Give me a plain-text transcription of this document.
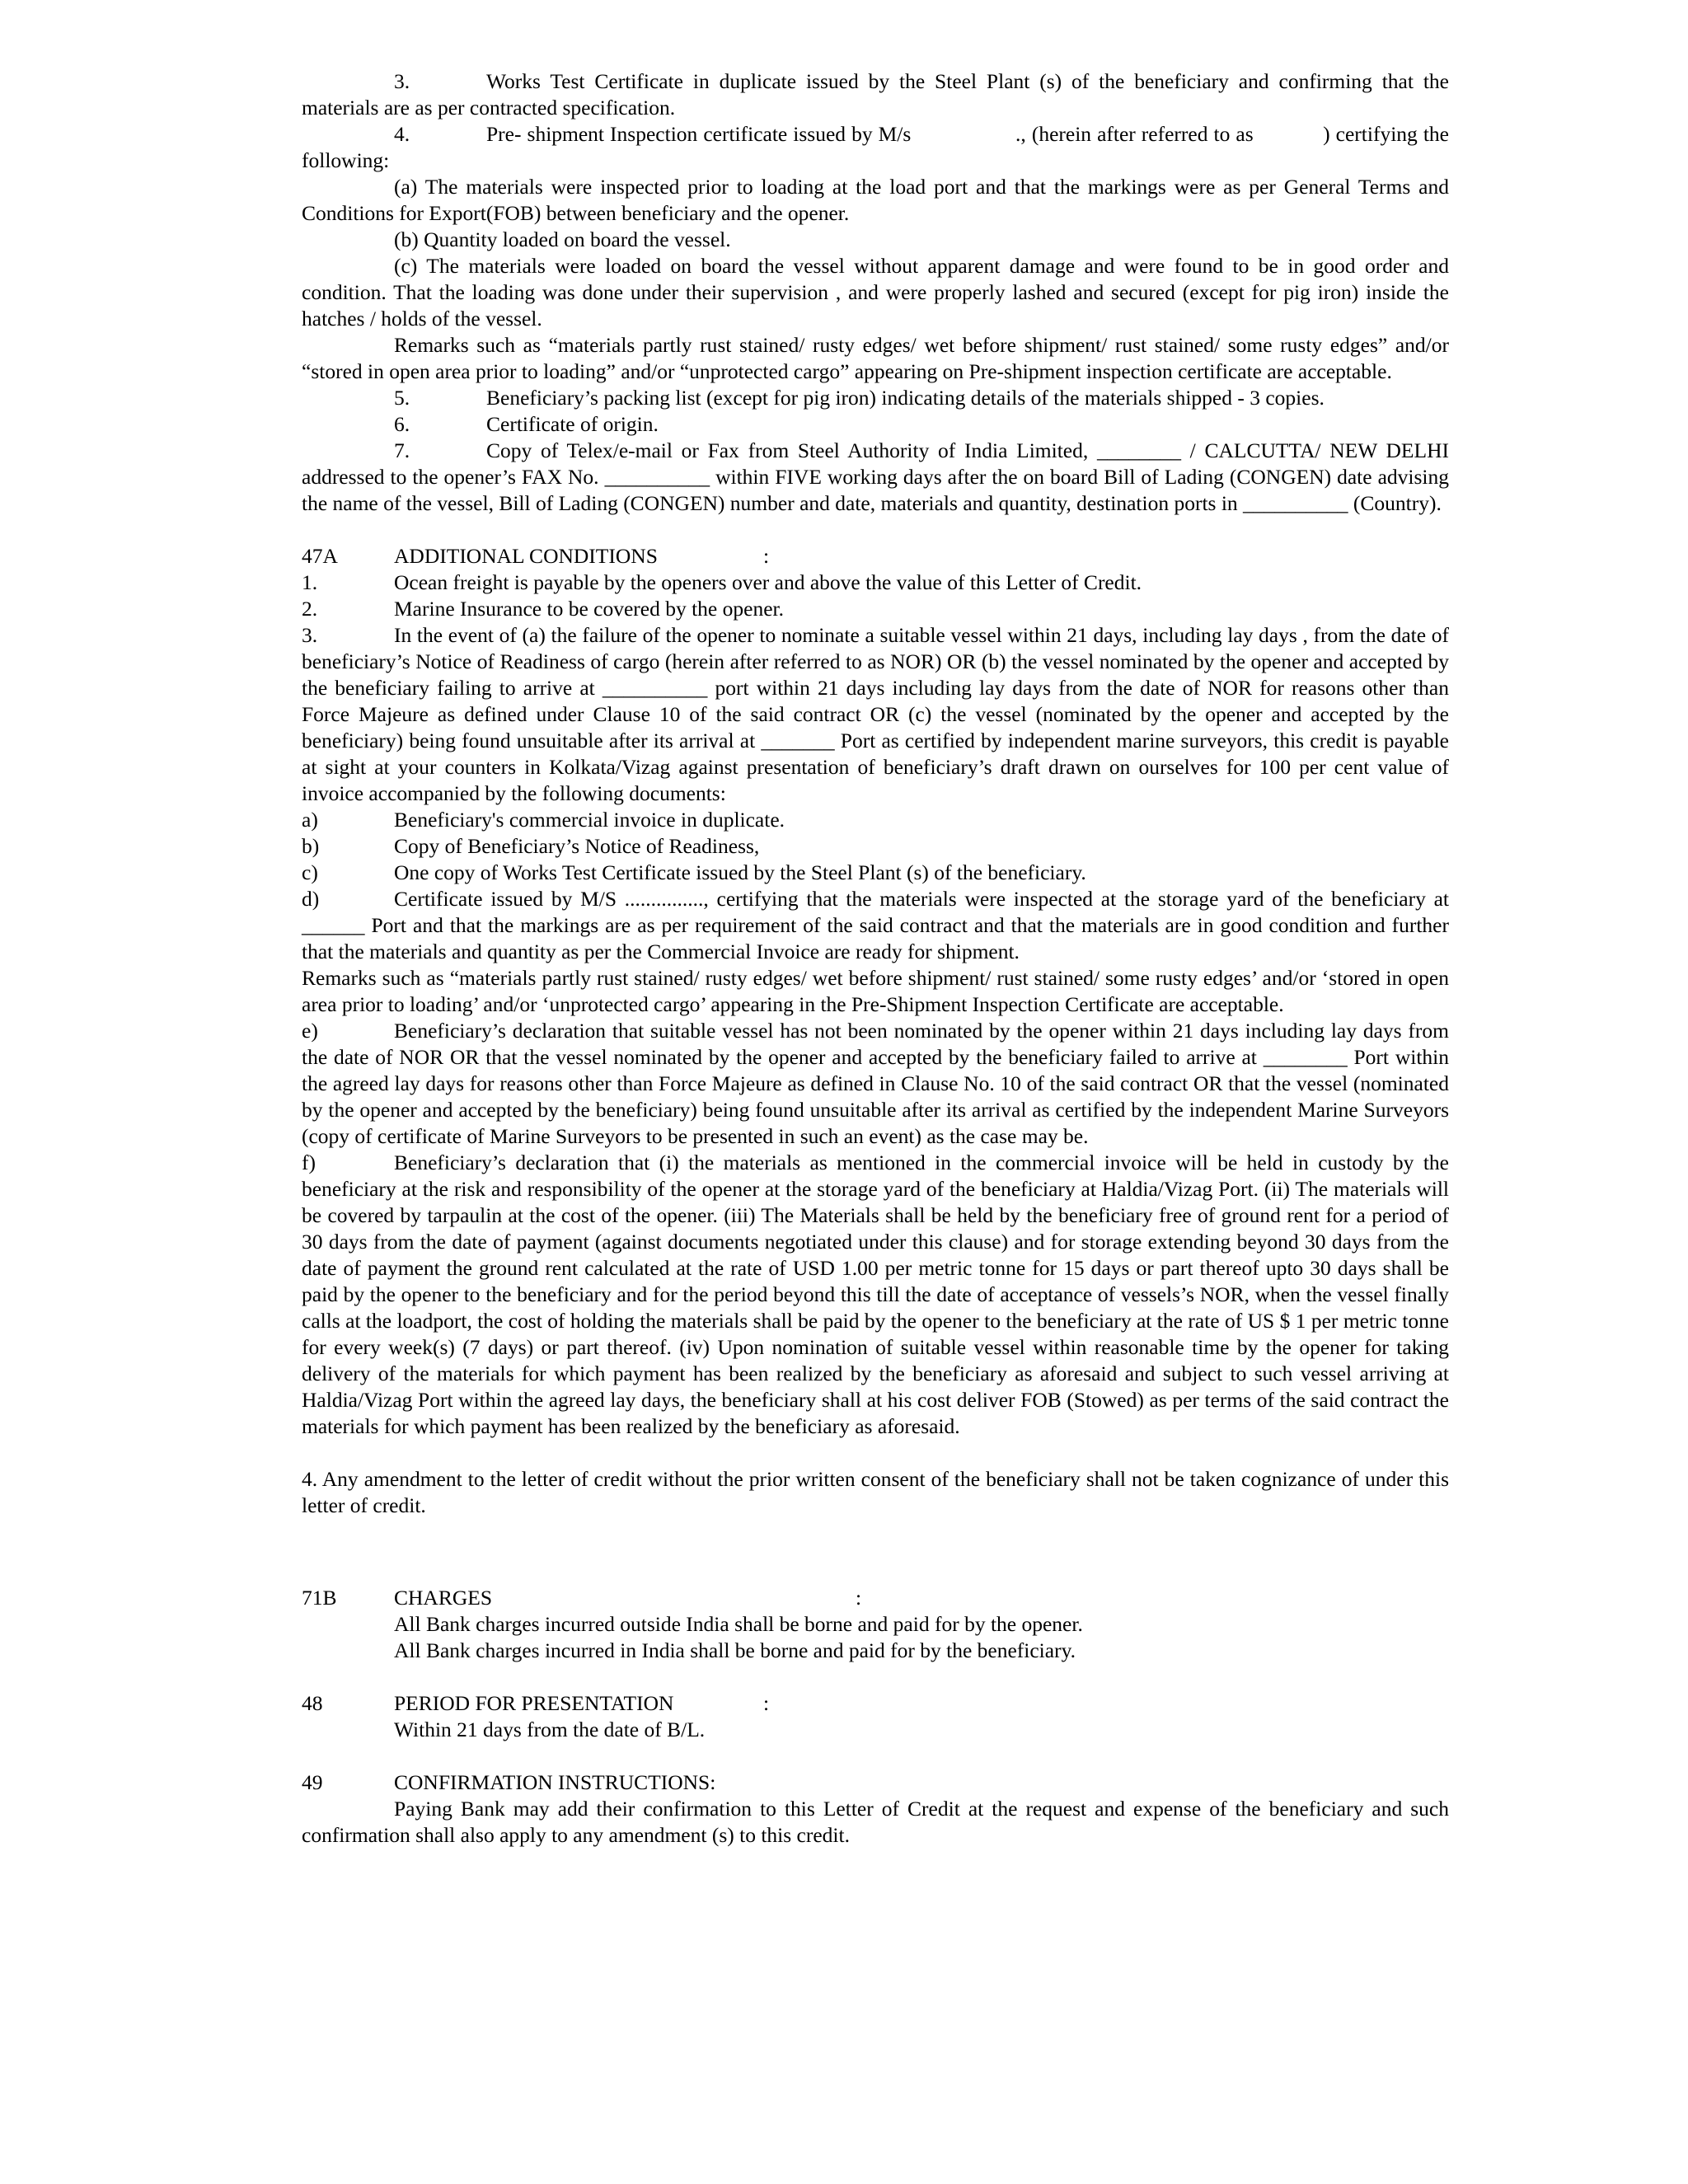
3.	Works Test Certificate in duplicate issued by the Steel Plant (s) of the beneficiary and confirming that the materials are as per contracted specification.

4.	Pre- shipment Inspection certificate issued by M/s                  ., (herein after referred to as            ) certifying the following:

(a) The materials were inspected prior to loading at the load port and that the markings were as per General Terms and Conditions for Export(FOB) between beneficiary and the opener.

(b) Quantity loaded on board the vessel.

(c) The materials were loaded on board the vessel without apparent damage and were found to be in good order and condition. That the loading was done under their supervision , and were properly lashed and secured (except for pig iron) inside the hatches / holds of the vessel.

Remarks such as “materials partly rust stained/ rusty edges/ wet before shipment/ rust stained/ some rusty edges” and/or “stored in open area prior to loading” and/or “unprotected cargo” appearing on Pre-shipment inspection certificate are acceptable.

5.	Beneficiary’s packing list (except for pig iron) indicating details of the materials shipped - 3 copies.

6.	Certificate of origin.

7.	Copy of Telex/e-mail or Fax from Steel Authority of India Limited, ________ / CALCUTTA/ NEW DELHI addressed to the opener’s FAX No. __________ within FIVE working days after the on board Bill of Lading (CONGEN) date advising the name of the vessel, Bill of Lading (CONGEN) number and date, materials and quantity, destination ports in __________ (Country).

47A	ADDITIONAL CONDITIONS	:

1.	Ocean freight is payable by the openers over and above the value of this Letter of Credit.

2.	Marine Insurance to be covered by the opener.

3.	In the event of (a) the failure of the opener to nominate a suitable vessel within 21 days, including lay days , from the date of beneficiary’s Notice of Readiness of cargo (herein after referred to as NOR) OR (b) the vessel nominated by the opener and accepted by the beneficiary failing to arrive at __________ port within 21 days including lay days from the date of NOR for reasons other than Force Majeure as defined under Clause 10 of the said contract OR (c) the vessel (nominated by the opener and accepted by the beneficiary) being found unsuitable after its arrival at _______ Port as certified by independent marine surveyors, this credit is payable at sight at your counters in Kolkata/Vizag against presentation of beneficiary’s draft drawn on ourselves for 100 per cent value of invoice accompanied by the following documents:

a)	Beneficiary's commercial invoice in duplicate.

b)	Copy of Beneficiary’s Notice of Readiness,

c)	One copy of Works Test Certificate issued by the Steel Plant (s) of the beneficiary.

d)	Certificate issued by M/S ..............., certifying that the materials were inspected at the storage yard of the beneficiary at ______ Port and that the markings are as per requirement of the said contract and that the materials are in good condition and further that the materials and quantity as per the Commercial Invoice are ready for shipment.

Remarks such as “materials partly rust stained/ rusty edges/ wet before shipment/ rust stained/ some rusty edges’ and/or ‘stored in open area prior to loading’ and/or ‘unprotected cargo’ appearing in the Pre-Shipment Inspection Certificate are acceptable.

e)	Beneficiary’s declaration that suitable vessel has not been nominated by the opener within 21 days including lay days from the date of NOR OR that the vessel nominated by the opener and accepted by the beneficiary failed to arrive at ________ Port within the agreed lay days for reasons other than Force Majeure as defined in Clause No. 10 of the said contract OR that the vessel (nominated by the opener and accepted by the beneficiary) being found unsuitable after its arrival as certified by the independent Marine Surveyors (copy of certificate of Marine Surveyors to be presented in such an event) as the case may be.

f)	Beneficiary’s declaration that (i) the materials as mentioned in the commercial invoice will be held in custody by the beneficiary at the risk and responsibility of the opener at the storage yard of the beneficiary at Haldia/Vizag Port. (ii) The materials will be covered by tarpaulin at the cost of the opener. (iii) The Materials shall be held by the beneficiary free of ground rent for a period of 30 days from the date of payment (against documents negotiated under this clause) and for storage extending beyond 30 days from the date of payment the ground rent calculated at the rate of USD 1.00 per metric tonne for 15 days or part thereof upto 30 days shall be paid by the opener to the beneficiary and for the period beyond this till the date of acceptance of vessels’s NOR, when the vessel finally calls at the loadport, the cost of holding the materials shall be paid by the opener to the beneficiary at the rate of US $ 1 per metric tonne for every week(s) (7 days) or part thereof. (iv) Upon nomination of suitable vessel within reasonable time by the opener for taking delivery of the materials for which payment has been realized by the beneficiary as aforesaid and subject to such vessel arriving at Haldia/Vizag Port within the agreed lay days, the beneficiary shall at his cost deliver FOB (Stowed) as per terms of the said contract the materials for which payment has been realized by the beneficiary as aforesaid.

4. Any amendment to the letter of credit without the prior written consent of the beneficiary shall not be taken cognizance of under this letter of credit.

71B	CHARGES	:

All Bank charges incurred outside India shall be borne and paid for by the opener.

All Bank charges incurred in India shall be borne and paid for by the beneficiary.

48	PERIOD FOR PRESENTATION	:

Within 21 days from the date of B/L.

49	CONFIRMATION INSTRUCTIONS:

Paying Bank may add their confirmation to this Letter of Credit at the request and expense of the beneficiary and such confirmation shall also apply to any amendment (s) to this credit.
